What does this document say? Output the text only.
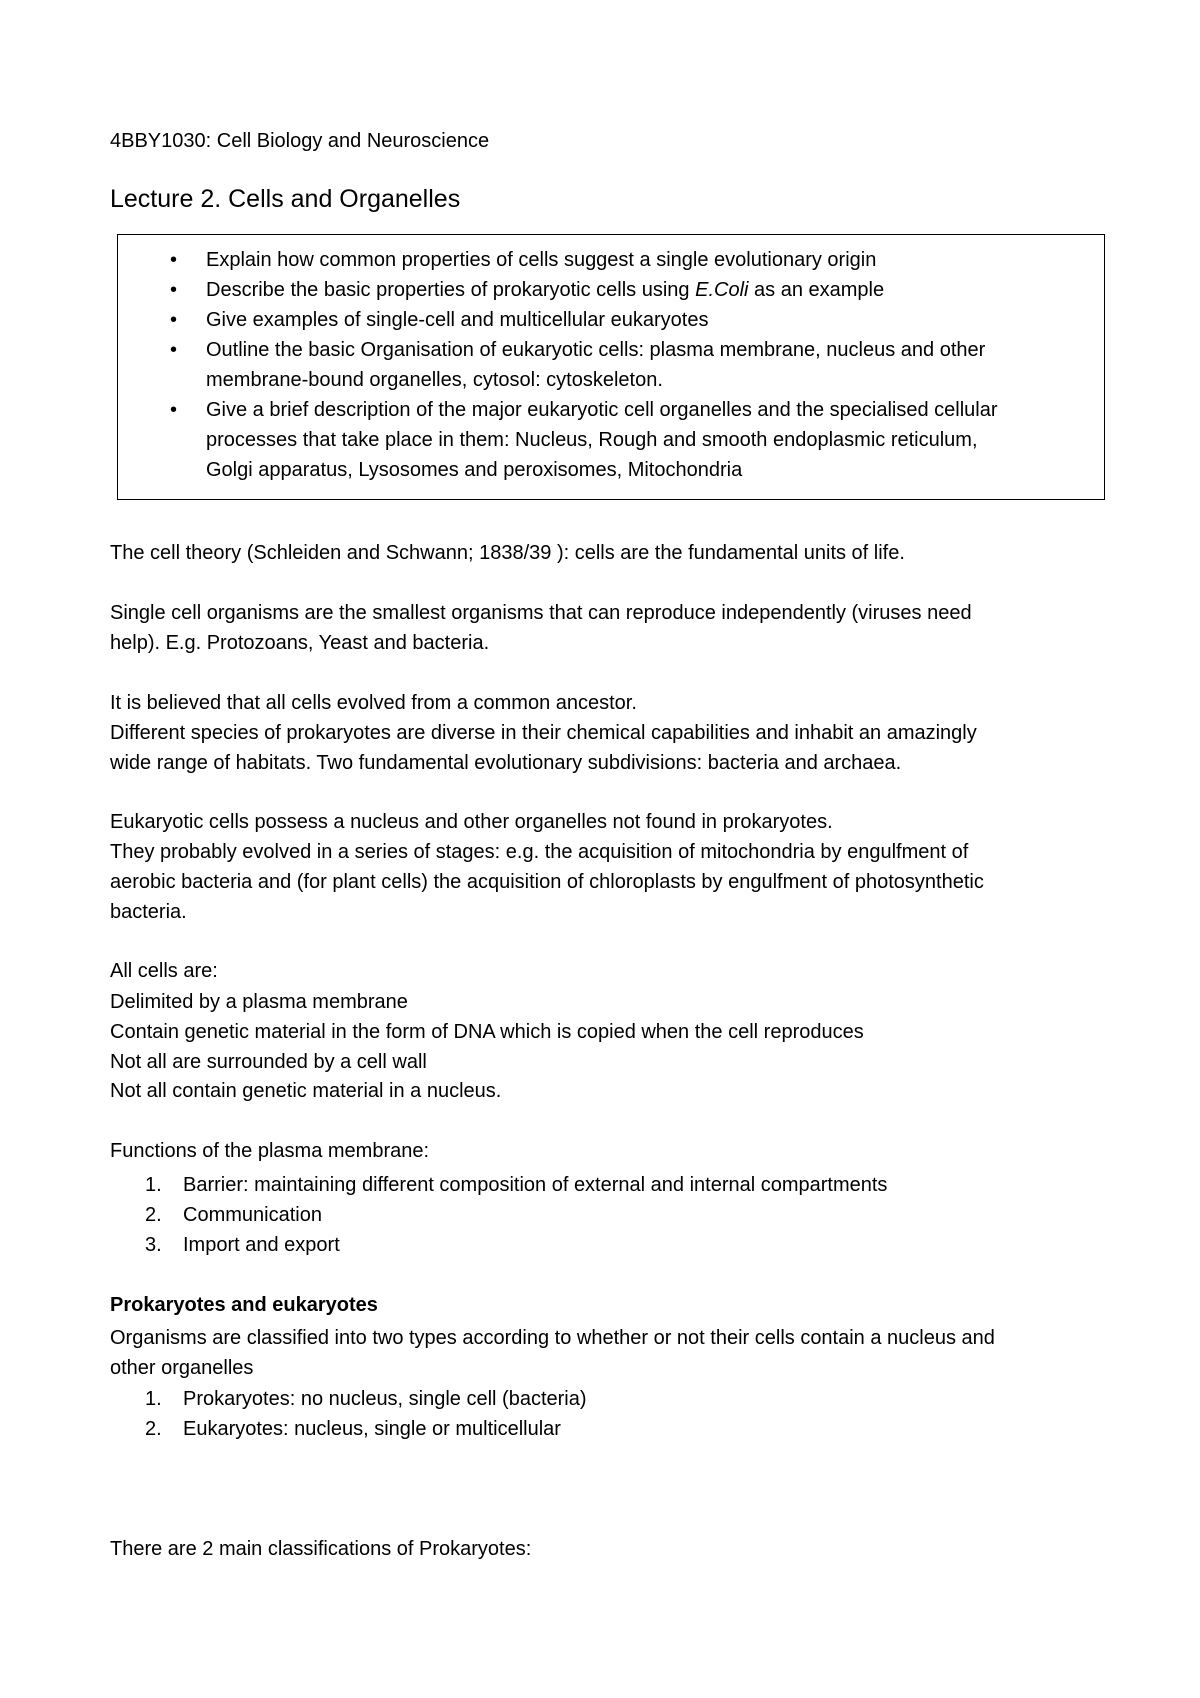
4BBY1030: Cell Biology and Neuroscience
Lecture 2. Cells and Organelles
• Explain how common properties of cells suggest a single evolutionary origin
• Describe the basic properties of prokaryotic cells using E.Coli as an example
• Give examples of single-cell and multicellular eukaryotes
• Outline the basic Organisation of eukaryotic cells: plasma membrane, nucleus and other
membrane-bound organelles, cytosol: cytoskeleton.
• Give a brief description of the major eukaryotic cell organelles and the specialised cellular
processes that take place in them: Nucleus, Rough and smooth endoplasmic reticulum,
Golgi apparatus, Lysosomes and peroxisomes, Mitochondria
The cell theory (Schleiden and Schwann; 1838/39 ): cells are the fundamental units of life.
Single cell organisms are the smallest organisms that can reproduce independently (viruses need
help). E.g. Protozoans, Yeast and bacteria.
It is believed that all cells evolved from a common ancestor.
Different species of prokaryotes are diverse in their chemical capabilities and inhabit an amazingly
wide range of habitats. Two fundamental evolutionary subdivisions: bacteria and archaea.
Eukaryotic cells possess a nucleus and other organelles not found in prokaryotes.
They probably evolved in a series of stages: e.g. the acquisition of mitochondria by engulfment of
aerobic bacteria and (for plant cells) the acquisition of chloroplasts by engulfment of photosynthetic
bacteria.
All cells are:
Delimited by a plasma membrane
Contain genetic material in the form of DNA which is copied when the cell reproduces
Not all are surrounded by a cell wall
Not all contain genetic material in a nucleus.
Functions of the plasma membrane:
1. Barrier: maintaining different composition of external and internal compartments
2. Communication
3. Import and export
Prokaryotes and eukaryotes
Organisms are classified into two types according to whether or not their cells contain a nucleus and
other organelles
1. Prokaryotes: no nucleus, single cell (bacteria)
2. Eukaryotes: nucleus, single or multicellular
There are 2 main classifications of Prokaryotes:
